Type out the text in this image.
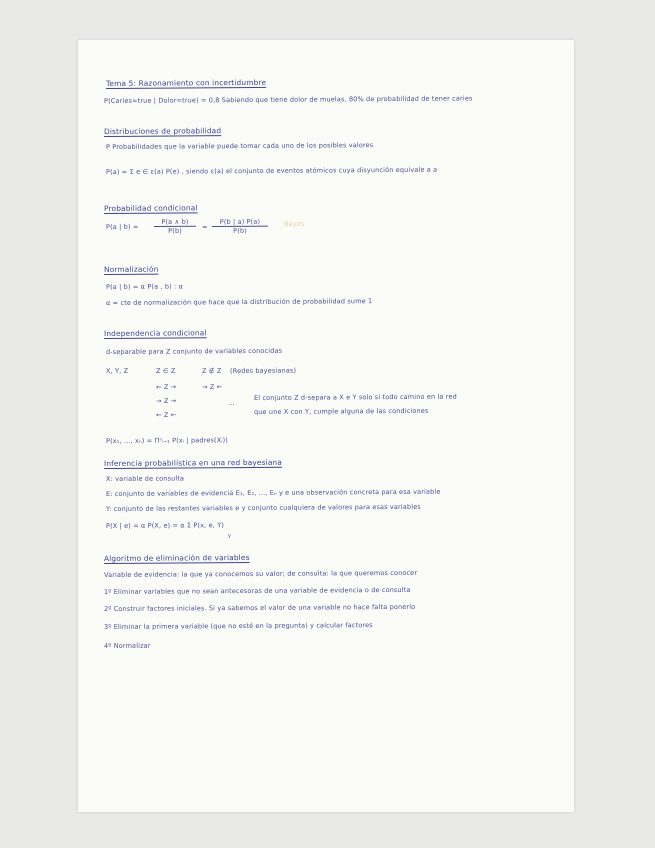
Tema 5: Razonamiento con incertidumbre
P(Caries=true | Dolor=true) = 0,8 Sabiendo que tiene dolor de muelas, 80% de probabilidad de tener caries
Distribuciones de probabilidad
P Probabilidades que la variable puede tomar cada uno de los posibles valores
P(a) = Σ e ∈ ε(a) P(e) , siendo ε(a) el conjunto de eventos atómicos cuya disyunción equivale a a
Probabilidad condicional
P(a | $b) = \frac{P(a \wedge b)}{P(b)} = \frac{P(b | a) P(a)}{P(b)}$ Bayes
Normalización
P(a | b) = α P(a , b) : α
α = cte de normalización que hace que la distribución de probabilidad sume 1
Independencia condicional
d-separable para Z conjunto de variables conocidas
X, Y, Z	Z ∈ Z	Z ∉ Z (Redes bayesianas)
← Z →	→ Z ←
→ Z →	...
← Z ←
El conjunto Z d-separa a X e Y solo si todo camino en la red
que une X con Y, cumple alguna de las condiciones
P(x₁, ..., xₙ) = Πⁿᵢ₌₁ P(xᵢ | padres(Xᵢ))
Inferencia probabilística en una red bayesiana
X: variable de consulta
E: conjunto de variables de evidencia E₁, E₂, ..., Eₙ y e una observación concreta para esa variable
Y: conjunto de las restantes variables e y conjunto cualquiera de valores para esas variables
P(X | e) = α P(X, e) = α Σ P(x, e, Y)
y
Algoritmo de eliminación de variables
Variable de evidencia: la que ya conocemos su valor; de consulta: la que queremos conocer
1º Eliminar variables que no sean antecesoras de una variable de evidencia o de consulta
2º Construir factores iniciales. Si ya sabemos el valor de una variable no hace falta ponerlo
3º Eliminar la primera variable (que no esté en la pregunta) y calcular factores
4º Normalizar
